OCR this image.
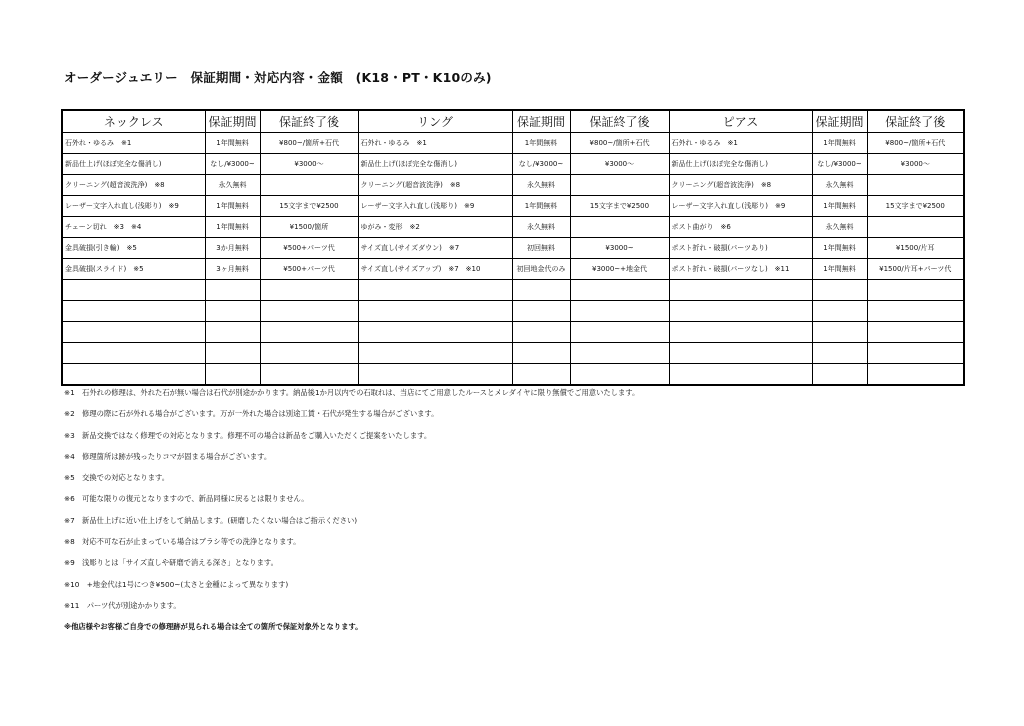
オーダージュエリー　保証期間・対応内容・金額　(K18・PT・K10のみ)
ネックレス	保証期間	保証終了後	リング	保証期間	保証終了後	ピアス	保証期間	保証終了後
石外れ・ゆるみ　※1	1年間無料	¥800~/箇所+石代	石外れ・ゆるみ　※1	1年間無料	¥800~/箇所+石代	石外れ・ゆるみ　※1	1年間無料	¥800~/箇所+石代
新品仕上げ(ほぼ完全な傷消し)	なし/¥3000~	¥3000～	新品仕上げ(ほぼ完全な傷消し)	なし/¥3000~	¥3000～	新品仕上げ(ほぼ完全な傷消し)	なし/¥3000~	¥3000～
クリーニング(超音波洗浄)　※8	永久無料		クリーニング(超音波洗浄)　※8	永久無料		クリーニング(超音波洗浄)　※8	永久無料	
レーザー文字入れ直し(浅彫り)　※9	1年間無料	15文字まで¥2500	レーザー文字入れ直し(浅彫り)　※9	1年間無料	15文字まで¥2500	レーザー文字入れ直し(浅彫り)　※9	1年間無料	15文字まで¥2500
チェーン切れ　※3　※4	1年間無料	¥1500/箇所	ゆがみ・変形　※2	永久無料		ポスト曲がり　※6	永久無料	
金具破損(引き輪)　※5	3か月無料	¥500+パーツ代	サイズ直し(サイズダウン)　※7	初回無料	¥3000~	ポスト折れ・破損(パーツあり)	1年間無料	¥1500/片耳
金具破損(スライド)　※5	3ヶ月無料	¥500+パーツ代	サイズ直し(サイズアップ)　※7　※10	初回地金代のみ	¥3000~+地金代	ポスト折れ・破損(パーツなし)　※11	1年間無料	¥1500/片耳+パーツ代

※1　石外れの修理は、外れた石が無い場合は石代が別途かかります。納品後1か月以内での石取れは、当店にてご用意したルースとメレダイヤに限り無償でご用意いたします。
※2　修理の際に石が外れる場合がございます。万が一外れた場合は別途工賃・石代が発生する場合がございます。
※3　新品交換ではなく修理での対応となります。修理不可の場合は新品をご購入いただくご提案をいたします。
※4　修理箇所は跡が残ったりコマが固まる場合がございます。
※5　交換での対応となります。
※6　可能な限りの復元となりますので、新品同様に戻るとは限りません。
※7　新品仕上げに近い仕上げをして納品します。(研磨したくない場合はご指示ください)
※8　対応不可な石が止まっている場合はブラシ等での洗浄となります。
※9　浅彫りとは「サイズ直しや研磨で消える深さ」となります。
※10　+地金代は1号につき¥500~(太さと金種によって異なります)
※11　パーツ代が別途かかります。
※他店様やお客様ご自身での修理跡が見られる場合は全ての箇所で保証対象外となります。
